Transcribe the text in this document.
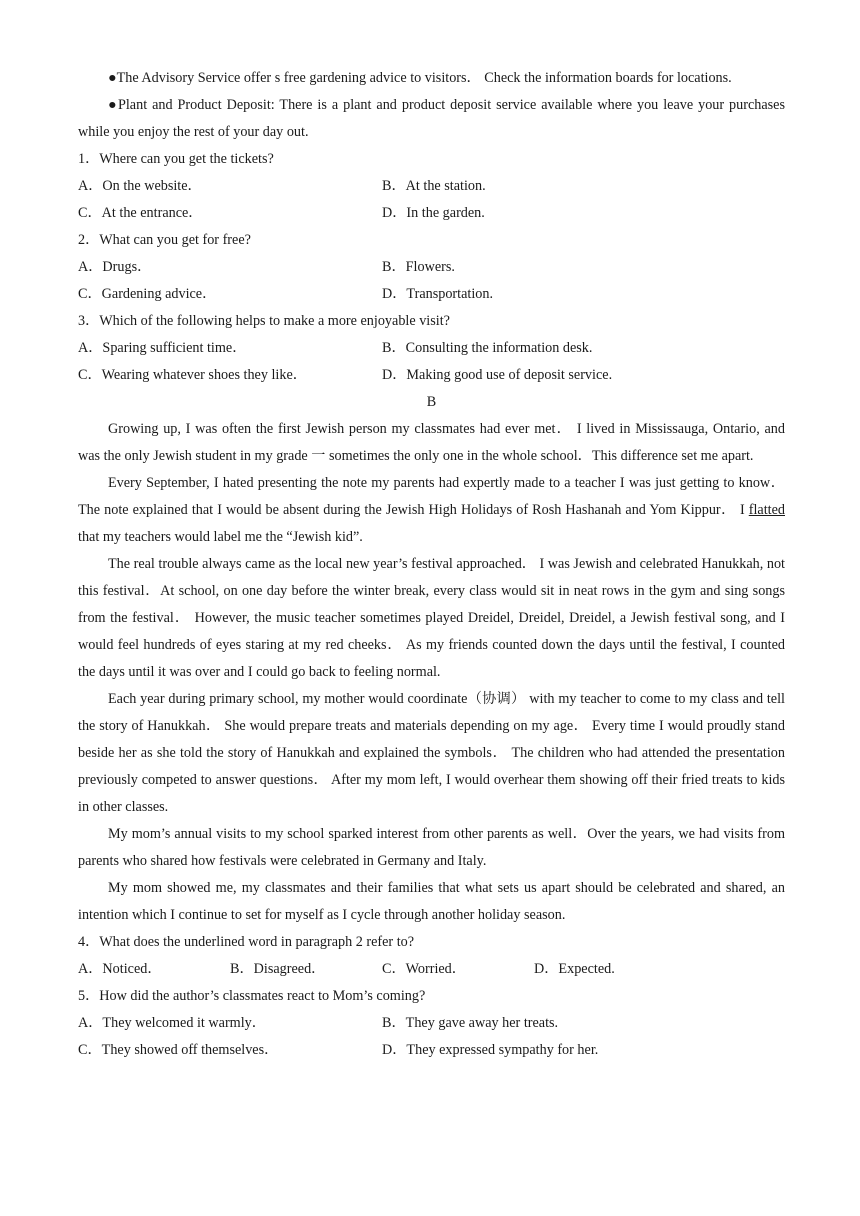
●The Advisory Service offer s free gardening advice to visitors． Check the information boards for locations.
●Plant and Product Deposit: There is a plant and product deposit service available where you leave your purchases while you enjoy the rest of your day out.
1．Where can you get the tickets?
A．On the website．	B．At the station.
C．At the entrance．	D．In the garden.
2．What can you get for free?
A．Drugs．	B．Flowers.
C．Gardening advice．	D．Transportation.
3．Which of the following helps to make a more enjoyable visit?
A．Sparing sufficient time．	B．Consulting the information desk.
C．Wearing whatever shoes they like．	D．Making good use of deposit service.
B
Growing up, I was often the first Jewish person my classmates had ever met． I lived in Mississauga, Ontario, and was the only Jewish student in my grade 一 sometimes the only one in the whole school．This difference set me apart.
Every September, I hated presenting the note my parents had expertly made to a teacher I was just getting to know． The note explained that I would be absent during the Jewish High Holidays of Rosh Hashanah and Yom Kippur． I flatted that my teachers would label me the “Jewish kid”.
The real trouble always came as the local new year’s festival approached． I was Jewish and celebrated Hanukkah, not this festival．At school, on one day before the winter break, every class would sit in neat rows in the gym and sing songs from the festival． However, the music teacher sometimes played Dreidel, Dreidel, Dreidel, a Jewish festival song, and I would feel hundreds of eyes staring at my red cheeks． As my friends counted down the days until the festival, I counted the days until it was over and I could go back to feeling normal.
Each year during primary school, my mother would coordinate（协调） with my teacher to come to my class and tell the story of Hanukkah． She would prepare treats and materials depending on my age． Every time I would proudly stand beside her as she told the story of Hanukkah and explained the symbols． The children who had attended the presentation previously competed to answer questions． After my mom left, I would overhear them showing off their fried treats to kids in other classes.
My mom’s annual visits to my school sparked interest from other parents as well．Over the years, we had visits from parents who shared how festivals were celebrated in Germany and Italy.
My mom showed me, my classmates and their families that what sets us apart should be celebrated and shared, an intention which I continue to set for myself as I cycle through another holiday season.
4．What does the underlined word in paragraph 2 refer to?
A．Noticed．	B．Disagreed．	C．Worried．	D．Expected.
5．How did the author’s classmates react to Mom’s coming?
A．They welcomed it warmly．	B．They gave away her treats.
C．They showed off themselves．	D．They expressed sympathy for her.
